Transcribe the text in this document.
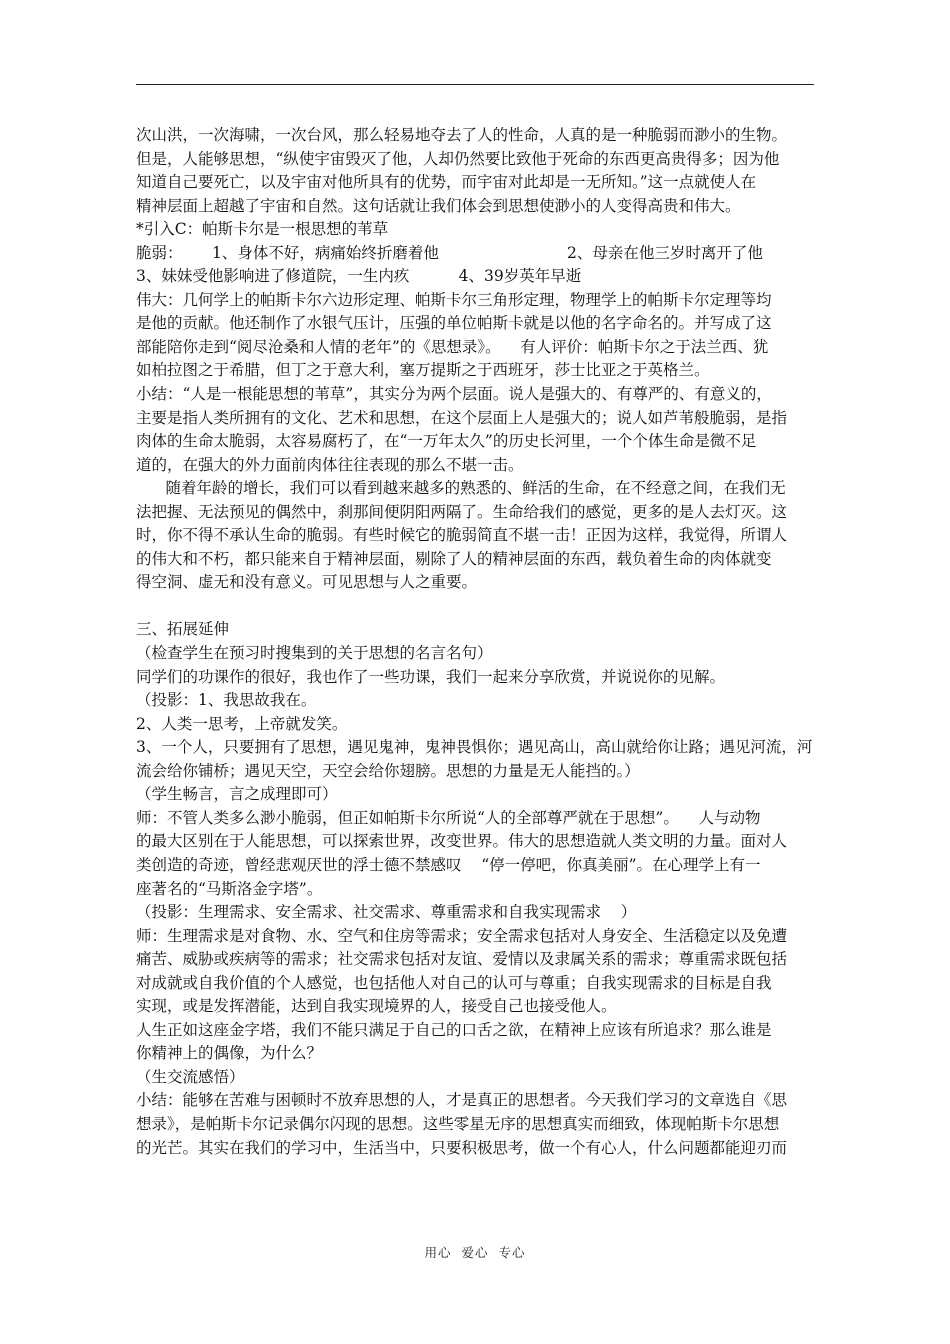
次山洪，一次海啸，一次台风，那么轻易地夺去了人的性命，人真的是一种脆弱而渺小的生物。
但是，人能够思想，“纵使宇宙毁灭了他，人却仍然要比致他于死命的东西更高贵得多；因为他
知道自己要死亡，以及宇宙对他所具有的优势，而宇宙对此却是一无所知。”这一点就使人在
精神层面上超越了宇宙和自然。这句话就让我们体会到思想使渺小的人变得高贵和伟大。
*引入C：帕斯卡尔是一根思想的苇草
脆弱：      1、身体不好，病痛始终折磨着他                          2、母亲在他三岁时离开了他
3、妹妹受他影响进了修道院，一生内疚          4、39岁英年早逝
伟大：几何学上的帕斯卡尔六边形定理、帕斯卡尔三角形定理，物理学上的帕斯卡尔定理等均
是他的贡献。他还制作了水银气压计，压强的单位帕斯卡就是以他的名字命名的。并写成了这
部能陪你走到“阅尽沧桑和人情的老年”的《思想录》。    有人评价：帕斯卡尔之于法兰西、犹
如柏拉图之于希腊，但丁之于意大利，塞万提斯之于西班牙，莎士比亚之于英格兰。
小结：“人是一根能思想的苇草”，其实分为两个层面。说人是强大的、有尊严的、有意义的，
主要是指人类所拥有的文化、艺术和思想，在这个层面上人是强大的；说人如芦苇般脆弱，是指
肉体的生命太脆弱，太容易腐朽了，在“一万年太久”的历史长河里，一个个体生命是微不足
道的，在强大的外力面前肉体往往表现的那么不堪一击。
随着年龄的增长，我们可以看到越来越多的熟悉的、鲜活的生命，在不经意之间，在我们无
法把握、无法预见的偶然中，刹那间便阴阳两隔了。生命给我们的感觉，更多的是人去灯灭。这
时，你不得不承认生命的脆弱。有些时候它的脆弱简直不堪一击！正因为这样，我觉得，所谓人
的伟大和不朽，都只能来自于精神层面，剔除了人的精神层面的东西，载负着生命的肉体就变
得空洞、虚无和没有意义。可见思想与人之重要。
三、拓展延伸
（检查学生在预习时搜集到的关于思想的名言名句）
同学们的功课作的很好，我也作了一些功课，我们一起来分享欣赏，并说说你的见解。
（投影：1、我思故我在。
2、人类一思考，上帝就发笑。
3、一个人，只要拥有了思想，遇见鬼神，鬼神畏惧你；遇见高山，高山就给你让路；遇见河流，河
流会给你铺桥；遇见天空，天空会给你翅膀。思想的力量是无人能挡的。）
（学生畅言，言之成理即可）
师：不管人类多么渺小脆弱，但正如帕斯卡尔所说“人的全部尊严就在于思想”。    人与动物
的最大区别在于人能思想，可以探索世界，改变世界。伟大的思想造就人类文明的力量。面对人
类创造的奇迹，曾经悲观厌世的浮士德不禁感叹    “停一停吧，你真美丽”。在心理学上有一
座著名的“马斯洛金字塔”。
（投影：生理需求、安全需求、社交需求、尊重需求和自我实现需求    ）
师：生理需求是对食物、水、空气和住房等需求；安全需求包括对人身安全、生活稳定以及免遭
痛苦、威胁或疾病等的需求；社交需求包括对友谊、爱情以及隶属关系的需求；尊重需求既包括
对成就或自我价值的个人感觉，也包括他人对自己的认可与尊重；自我实现需求的目标是自我
实现，或是发挥潜能，达到自我实现境界的人，接受自己也接受他人。
人生正如这座金字塔，我们不能只满足于自己的口舌之欲，在精神上应该有所追求？那么谁是
你精神上的偶像，为什么？
（生交流感悟）
小结：能够在苦难与困顿时不放弃思想的人，才是真正的思想者。今天我们学习的文章选自《思
想录》，是帕斯卡尔记录偶尔闪现的思想。这些零星无序的思想真实而细致，体现帕斯卡尔思想
的光芒。其实在我们的学习中，生活当中，只要积极思考，做一个有心人，什么问题都能迎刃而
用心  爱心  专心
